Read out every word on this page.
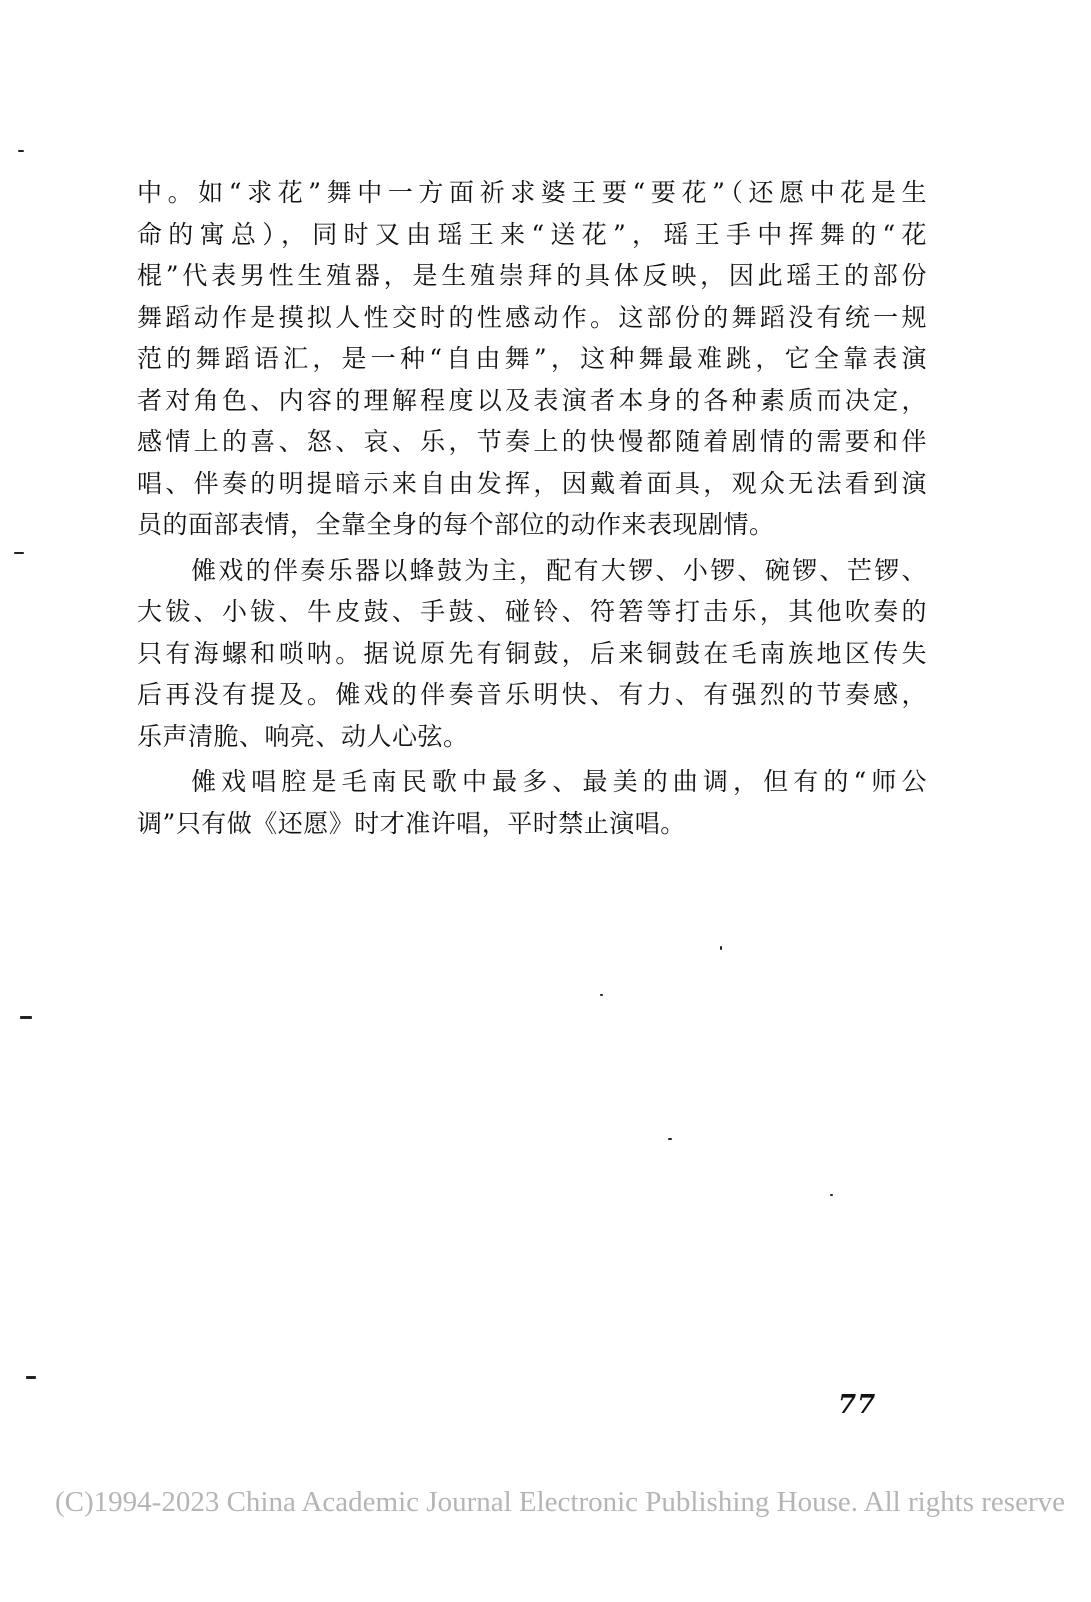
中。如“求花”舞中一方面祈求婆王要“要花”（还愿中花是生
命的寓总），同时又由瑶王来“送花”，瑶王手中挥舞的“花
棍”代表男性生殖器，是生殖崇拜的具体反映，因此瑶王的部份
舞蹈动作是摸拟人性交时的性感动作。这部份的舞蹈没有统一规
范的舞蹈语汇，是一种“自由舞”，这种舞最难跳，它全靠表演
者对角色、内容的理解程度以及表演者本身的各种素质而决定，
感情上的喜、怒、哀、乐，节奏上的快慢都随着剧情的需要和伴
唱、伴奏的明提暗示来自由发挥，因戴着面具，观众无法看到演
员的面部表情，全靠全身的每个部位的动作来表现剧情。
傩戏的伴奏乐器以蜂鼓为主，配有大锣、小锣、碗锣、芒锣、
大钹、小钹、牛皮鼓、手鼓、碰铃、符箬等打击乐，其他吹奏的
只有海螺和唢呐。据说原先有铜鼓，后来铜鼓在毛南族地区传失
后再没有提及。傩戏的伴奏音乐明快、有力、有强烈的节奏感，
乐声清脆、响亮、动人心弦。
傩戏唱腔是毛南民歌中最多、最美的曲调，但有的“师公
调”只有做《还愿》时才准许唱，平时禁止演唱。
77
(C)1994-2023 China Academic Journal Electronic Publishing House. All rights reserve
